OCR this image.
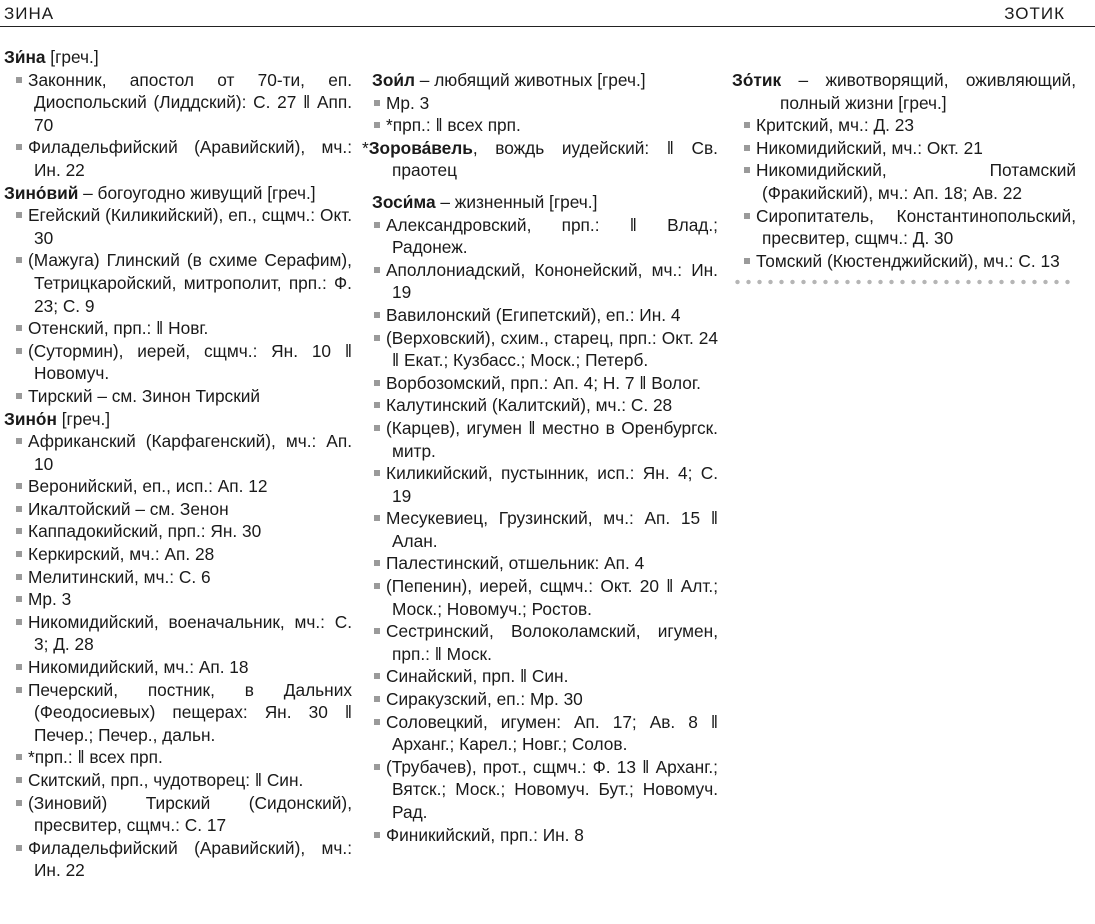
ЗИНА	ЗОТИК
Зи́на [греч.]
Законник, апостол от 70-ти, еп. Диоспольский (Лиддский): С. 27 ‖ Апп. 70
Филадельфийский (Аравийский), мч.: Ин. 22
Зино́вий – богоугодно живущий [греч.]
Егейский (Киликийский), еп., сщмч.: Окт. 30
(Мажуга) Глинский (в схиме Серафим), Тетрицкаройский, митрополит, прп.: Ф. 23; С. 9
Отенский, прп.: ‖ Новг.
(Сутормин), иерей, сщмч.: Ян. 10 ‖ Новомуч.
Тирский – см. Зинон Тирский
Зино́н [греч.]
Африканский (Карфагенский), мч.: Ап. 10
Веронийский, еп., исп.: Ап. 12
Икалтойский – см. Зенон
Каппадокийский, прп.: Ян. 30
Керкирский, мч.: Ап. 28
Мелитинский, мч.: С. 6
Мр. 3
Никомидийский, военачальник, мч.: С. 3; Д. 28
Никомидийский, мч.: Ап. 18
Печерский, постник, в Дальних (Феодосиевых) пещерах: Ян. 30 ‖ Печер.; Печер., дальн.
*прп.: ‖ всех прп.
Скитский, прп., чудотворец: ‖ Син.
(Зиновий) Тирский (Сидонский), пресвитер, сщмч.: С. 17
Филадельфийский (Аравийский), мч.: Ин. 22
Зои́л – любящий животных [греч.]
Мр. 3
*прп.: ‖ всех прп.
*Зорова́вель, вождь иудейский: ‖ Св. праотец
Зоси́ма – жизненный [греч.]
Александровский, прп.: ‖ Влад.; Радонеж.
Аполлониадский, Кононейский, мч.: Ин. 19
Вавилонский (Египетский), еп.: Ин. 4
(Верховский), схим., старец, прп.: Окт. 24 ‖ Екат.; Кузбасс.; Моск.; Петерб.
Ворбозомский, прп.: Ап. 4; Н. 7 ‖ Волог.
Калутинский (Калитский), мч.: С. 28
(Карцев), игумен ‖ местно в Оренбургск. митр.
Киликийский, пустынник, исп.: Ян. 4; С. 19
Месукевиец, Грузинский, мч.: Ап. 15 ‖ Алан.
Палестинский, отшельник: Ап. 4
(Пепенин), иерей, сщмч.: Окт. 20 ‖ Алт.; Моск.; Новомуч.; Ростов.
Сестринский, Волоколамский, игумен, прп.: ‖ Моск.
Синайский, прп. ‖ Син.
Сиракузский, еп.: Мр. 30
Соловецкий, игумен: Ап. 17; Ав. 8 ‖ Арханг.; Карел.; Новг.; Солов.
(Трубачев), прот., сщмч.: Ф. 13 ‖ Арханг.; Вятск.; Моск.; Новомуч. Бут.; Новомуч. Рад.
Финикийский, прп.: Ин. 8
Зо́тик – животворящий, оживляющий, полный жизни [греч.]
Критский, мч.: Д. 23
Никомидийский, мч.: Окт. 21
Никомидийский, Потамский (Фракийский), мч.: Ап. 18; Ав. 22
Сиропитатель, Константинопольский, пресвитер, сщмч.: Д. 30
Томский (Кюстенджийский), мч.: С. 13
